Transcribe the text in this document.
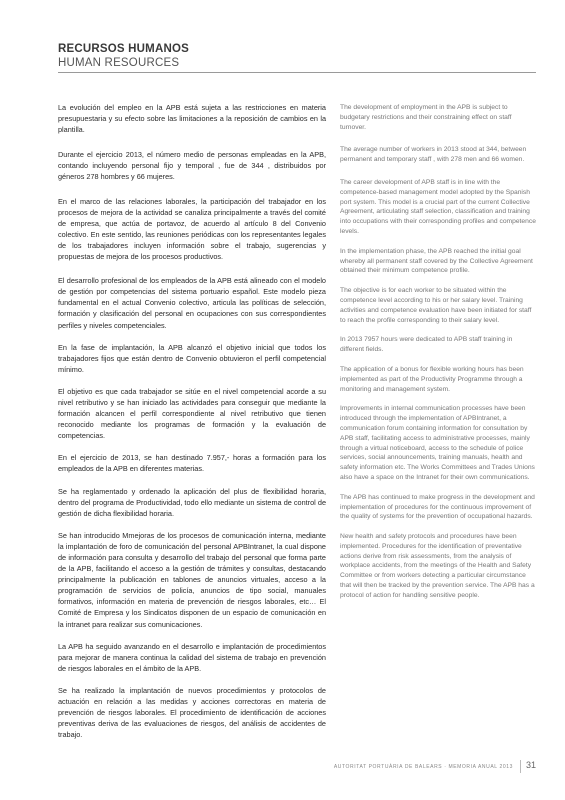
RECURSOS HUMANOS
HUMAN RESOURCES

La evolución del empleo en la APB está sujeta a las restricciones en materia presupuestaria y su efecto sobre las limitaciones a la reposición de cambios en la plantilla.

Durante el ejercicio 2013, el número medio de personas empleadas en la APB, contando incluyendo personal fijo y temporal , fue de 344 , distribuidos por géneros 278 hombres y 66 mujeres.

En el marco de las relaciones laborales, la participación del trabajador en los procesos de mejora de la actividad se canaliza principalmente a través del comité de empresa, que actúa de portavoz, de acuerdo al artículo 8 del Convenio colectivo. En este sentido, las reuniones periódicas con los representantes legales de los trabajadores incluyen información sobre el trabajo, sugerencias y propuestas de mejora de los procesos productivos.

El desarrollo profesional de los empleados de la APB está alineado con el modelo de gestión por competencias del sistema portuario español. Este modelo pieza fundamental en el actual Convenio colectivo, articula las políticas de selección, formación y clasificación del personal en ocupaciones con sus correspondientes perfiles y niveles competenciales.

En la fase de implantación, la APB alcanzó el objetivo inicial que todos los trabajadores fijos que están dentro de Convenio obtuvieron el perfil competencial mínimo.

El objetivo es que cada trabajador se sitúe en el nivel competencial acorde a su nivel retributivo y se han iniciado las actividades para conseguir que mediante la formación alcancen el perfil correspondiente al nivel retributivo que tienen reconocido mediante los programas de formación y la evaluación de competencias.

En el ejercicio de 2013, se han destinado 7.957,- horas a formación para los empleados de la APB en diferentes materias.

Se ha reglamentado y ordenado la aplicación del plus de flexibilidad horaria, dentro del programa de Productividad, todo ello mediante un sistema de control de gestión de dicha flexibilidad horaria.

Se han introducido Mmejoras de los procesos de comunicación interna, mediante la implantación de foro de comunicación del personal APBIntranet, la cual dispone de información para consulta y desarrollo del trabajo del personal que forma parte de la APB, facilitando el acceso a la gestión de trámites y consultas, destacando principalmente la publicación en tablones de anuncios virtuales, acceso a la programación de servicios de policía, anuncios de tipo social, manuales formativos, información en materia de prevención de riesgos laborales, etc… El Comité de Empresa y los Sindicatos disponen de un espacio de comunicación en la intranet para realizar sus comunicaciones.

La APB ha seguido avanzando en el desarrollo e implantación de procedimientos para mejorar de manera continua la calidad del sistema de trabajo en prevención de riesgos laborales en el ámbito de la APB.

Se ha realizado la implantación de nuevos procedimientos y protocolos de actuación en relación a las medidas y acciones correctoras en materia de prevención de riesgos laborales. El procedimiento de identificación de acciones preventivas deriva de las evaluaciones de riesgos, del análisis de accidentes de trabajo.

The development of employment in the APB is subject to budgetary restrictions and their constraining effect on staff turnover.

The average number of workers in 2013 stood at 344, between permanent and temporary staff , with 278 men and 66 women.

The career development of APB staff is in line with the competence-based management model adopted by the Spanish port system. This model is a crucial part of the current Collective Agreement, articulating staff selection, classification and training into occupations with their corresponding profiles and competence levels.

In the implementation phase, the APB reached the initial goal whereby all permanent staff covered by the Collective Agreement obtained their minimum competence profile.

The objective is for each worker to be situated within the competence level according to his or her salary level. Training activities and competence evaluation have been initiated for staff to reach the profile corresponding to their salary level.

In 2013 7957 hours were dedicated to APB staff training in different fields.

The application of a bonus for flexible working hours has been implemented as part of the Productivity Programme through a monitoring and management system.

Improvements in internal communication processes have been introduced through the implementation of APBIntranet, a communication forum containing information for consultation by APB staff, facilitating access to administrative processes, mainly through a virtual noticeboard, access to the schedule of police services, social announcements, training manuals, health and safety information etc. The Works Committees and Trades Unions also have a space on the Intranet for their own communications.

The APB has continued to make progress in the development and implementation of procedures for the continuous improvement of the quality of systems for the prevention of occupational hazards.

New health and safety protocols and procedures have been implemented. Procedures for the identification of preventative actions derive from risk assessments, from the analysis of workplace accidents, from the meetings of the Health and Safety Committee or from workers detecting a particular circumstance that will then be tracked by the prevention service. The APB has a protocol of action for handling sensitive people.

AUTORITAT PORTUÀRIA DE BALEARS · MEMORIA ANUAL 2013 31
